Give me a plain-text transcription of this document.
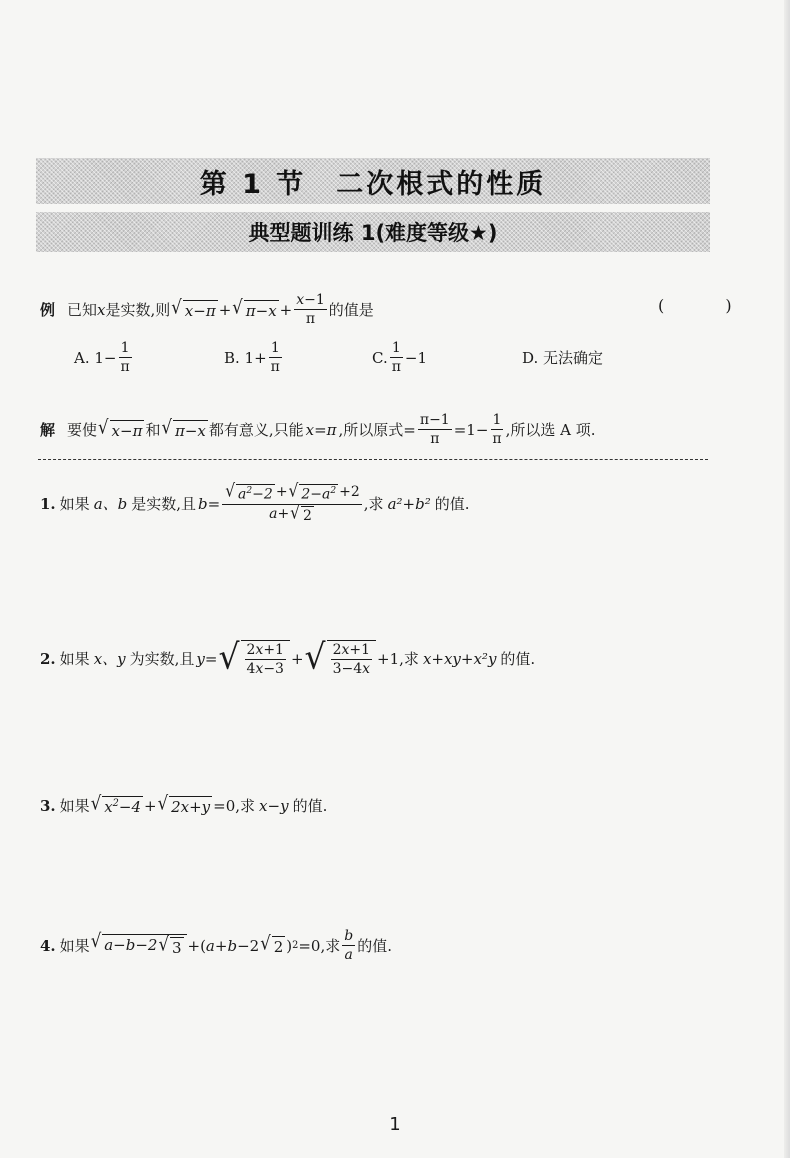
第 1 节　二次根式的性质
典型题训练 1(难度等级★)
例 已知 x 是实数,则 √ x−π + √ $\pi-x + \frac{x-1}{\pi}$ 的值是	( )
A. $1- \frac{1}{\pi}$	B. $1+ \frac{1}{\pi}$	C. $\frac{1}{\pi} -1$	D. 无法确定
解 要使 √ x−π 和 √ π−x 都有意义,只能 x=π ,所以原式= $\frac{\pi-1}{\pi} =1- \frac{1}{\pi}$ ,所以选 A 项.
1. 如果 a、b 是实数,且 $b = \frac{√ a^2-2 + √ 2-a^2 +2}{a+ √ 2}$ ,求 a²+b² 的值.
2. 如果 x、y 为实数,且 y = √ $\frac{2x+1}{4x-3}$ + √ $\frac{2x+1}{3-4x} +1$,求 x+xy+x²y 的值.
3. 如果 √ $x^2-4$ + √ 2x+y =0,求 x−y 的值.
4. 如果 √ a−b−2 √ 3 +( a + b −2 √ 2 ) 2 =0,求 $\frac{b}{a}$ 的值.
1
